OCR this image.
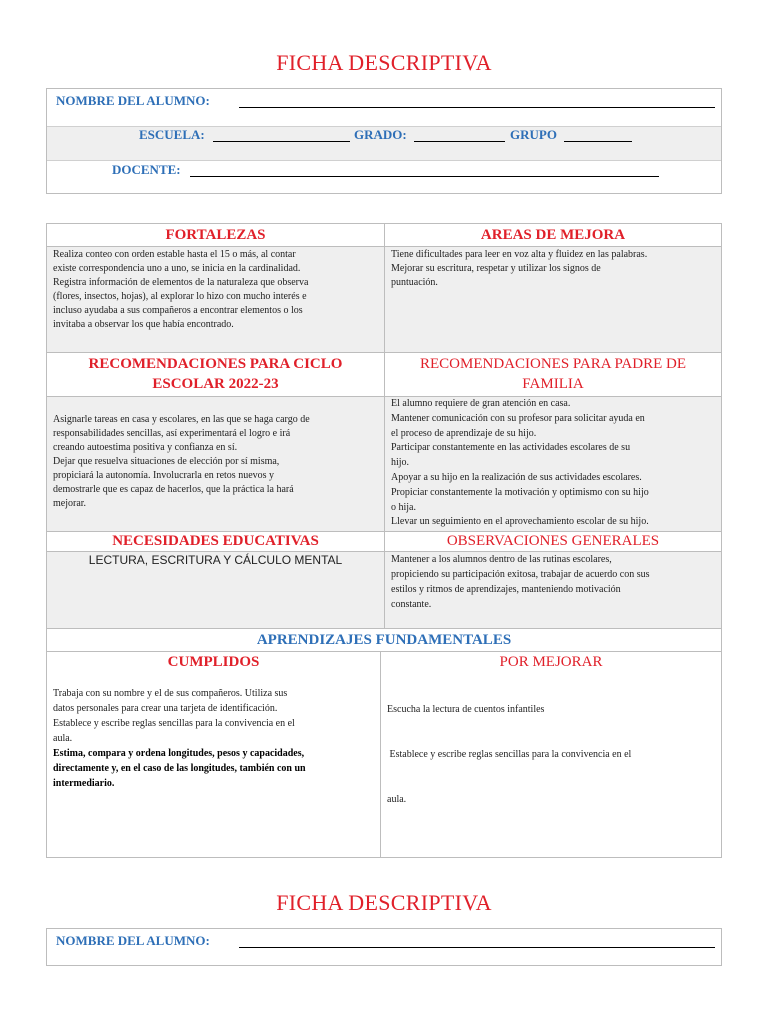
FICHA DESCRIPTIVA
NOMBRE DEL ALUMNO:
ESCUELA:	GRADO:	GRUPO
DOCENTE:
FORTALEZAS
Realiza conteo con orden estable hasta el 15 o más, al contar
existe correspondencia uno a uno, se inicia en la cardinalidad.
Registra información de elementos de la naturaleza que observa
(flores, insectos, hojas), al explorar lo hizo con mucho interés e
incluso ayudaba a sus compañeros a encontrar elementos o los
invitaba a observar los que había encontrado.
AREAS DE MEJORA
Tiene dificultades para leer en voz alta y fluidez en las palabras.
Mejorar su escritura, respetar y utilizar los signos de
puntuación.
RECOMENDACIONES PARA CICLO
ESCOLAR 2022-23
Asignarle tareas en casa y escolares, en las que se haga cargo de
responsabilidades sencillas, así experimentará el logro e irá
creando autoestima positiva y confianza en sí.
Dejar que resuelva situaciones de elección por sí misma,
propiciará la autonomía. Involucrarla en retos nuevos y
demostrarle que es capaz de hacerlos, que la práctica la hará
mejorar.
RECOMENDACIONES PARA PADRE DE
FAMILIA
El alumno requiere de gran atención en casa.
Mantener comunicación con su profesor para solicitar ayuda en
el proceso de aprendizaje de su hijo.
Participar constantemente en las actividades escolares de su
hijo.
Apoyar a su hijo en la realización de sus actividades escolares.
Propiciar constantemente la motivación y optimismo con su hijo
o hija.
Llevar un seguimiento en el aprovechamiento escolar de su hijo.
NECESIDADES EDUCATIVAS
LECTURA, ESCRITURA Y CÁLCULO MENTAL
OBSERVACIONES GENERALES
Mantener a los alumnos dentro de las rutinas escolares,
propiciendo su participación exitosa, trabajar de acuerdo con sus
estilos y ritmos de aprendizajes, manteniendo motivación
constante.
APRENDIZAJES FUNDAMENTALES
CUMPLIDOS
Trabaja con su nombre y el de sus compañeros. Utiliza sus
datos personales para crear una tarjeta de identificación.
Establece y escribe reglas sencillas para la convivencia en el
aula.
Estima, compara y ordena longitudes, pesos y capacidades,
directamente y, en el caso de las longitudes, también con un
intermediario.
POR MEJORAR

Escucha la lectura de cuentos infantiles

Establece y escribe reglas sencillas para la convivencia en el

aula.

FICHA DESCRIPTIVA
NOMBRE DEL ALUMNO:
